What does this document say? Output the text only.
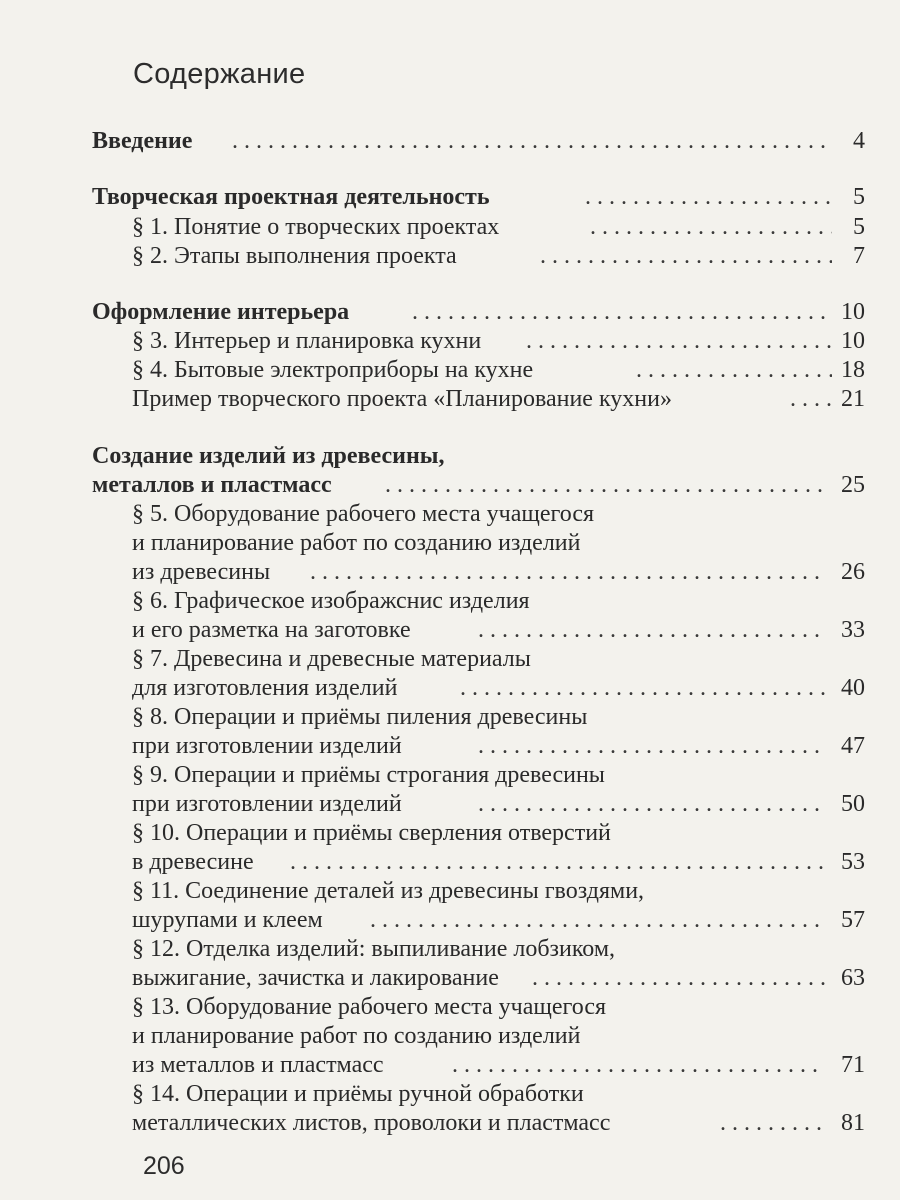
Содержание
Введение . . .	4
Творческая проектная деятельность . . .	5
§ 1. Понятие о творческих проектах . . .	5
§ 2. Этапы выполнения проекта . . .	7
Оформление интерьера . . .	10
§ 3. Интерьер и планировка кухни . . .	10
§ 4. Бытовые электроприборы на кухне . . .	18
Пример творческого проекта «Планирование кухни» . . .	21
Создание изделий из древесины,
металлов и пластмасс . . .	25
§ 5. Оборудование рабочего места учащегося
и планирование работ по созданию изделий
из древесины . . .	26
§ 6. Графическое изображснис изделия
и его разметка на заготовке . . .	33
§ 7. Древесина и древесные материалы
для изготовления изделий . . .	40
§ 8. Операции и приёмы пиления древесины
при изготовлении изделий . . .	47
§ 9. Операции и приёмы строгания древесины
при изготовлении изделий . . .	50
§ 10. Операции и приёмы сверления отверстий
в древесине . . .	53
§ 11. Соединение деталей из древесины гвоздями,
шурупами и клеем . . .	57
§ 12. Отделка изделий: выпиливание лобзиком,
выжигание, зачистка и лакирование . . .	63
§ 13. Оборудование рабочего места учащегося
и планирование работ по созданию изделий
из металлов и пластмасс . . .	71
§ 14. Операции и приёмы ручной обработки
металлических листов, проволоки и пластмасс . . .	81
206
